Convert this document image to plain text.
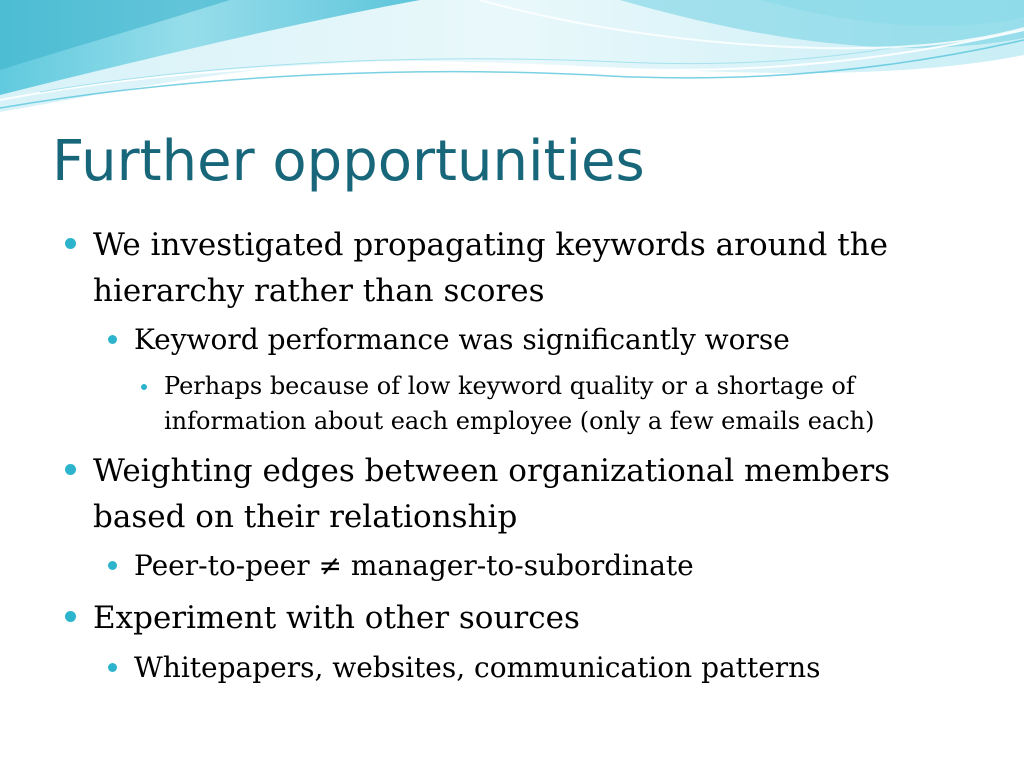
Further opportunities
We investigated propagating keywords around the
hierarchy rather than scores
Keyword performance was significantly worse
Perhaps because of low keyword quality or a shortage of
information about each employee (only a few emails each)
Weighting edges between organizational members
based on their relationship
Peer-to-peer ≠ manager-to-subordinate
Experiment with other sources
Whitepapers, websites, communication patterns
